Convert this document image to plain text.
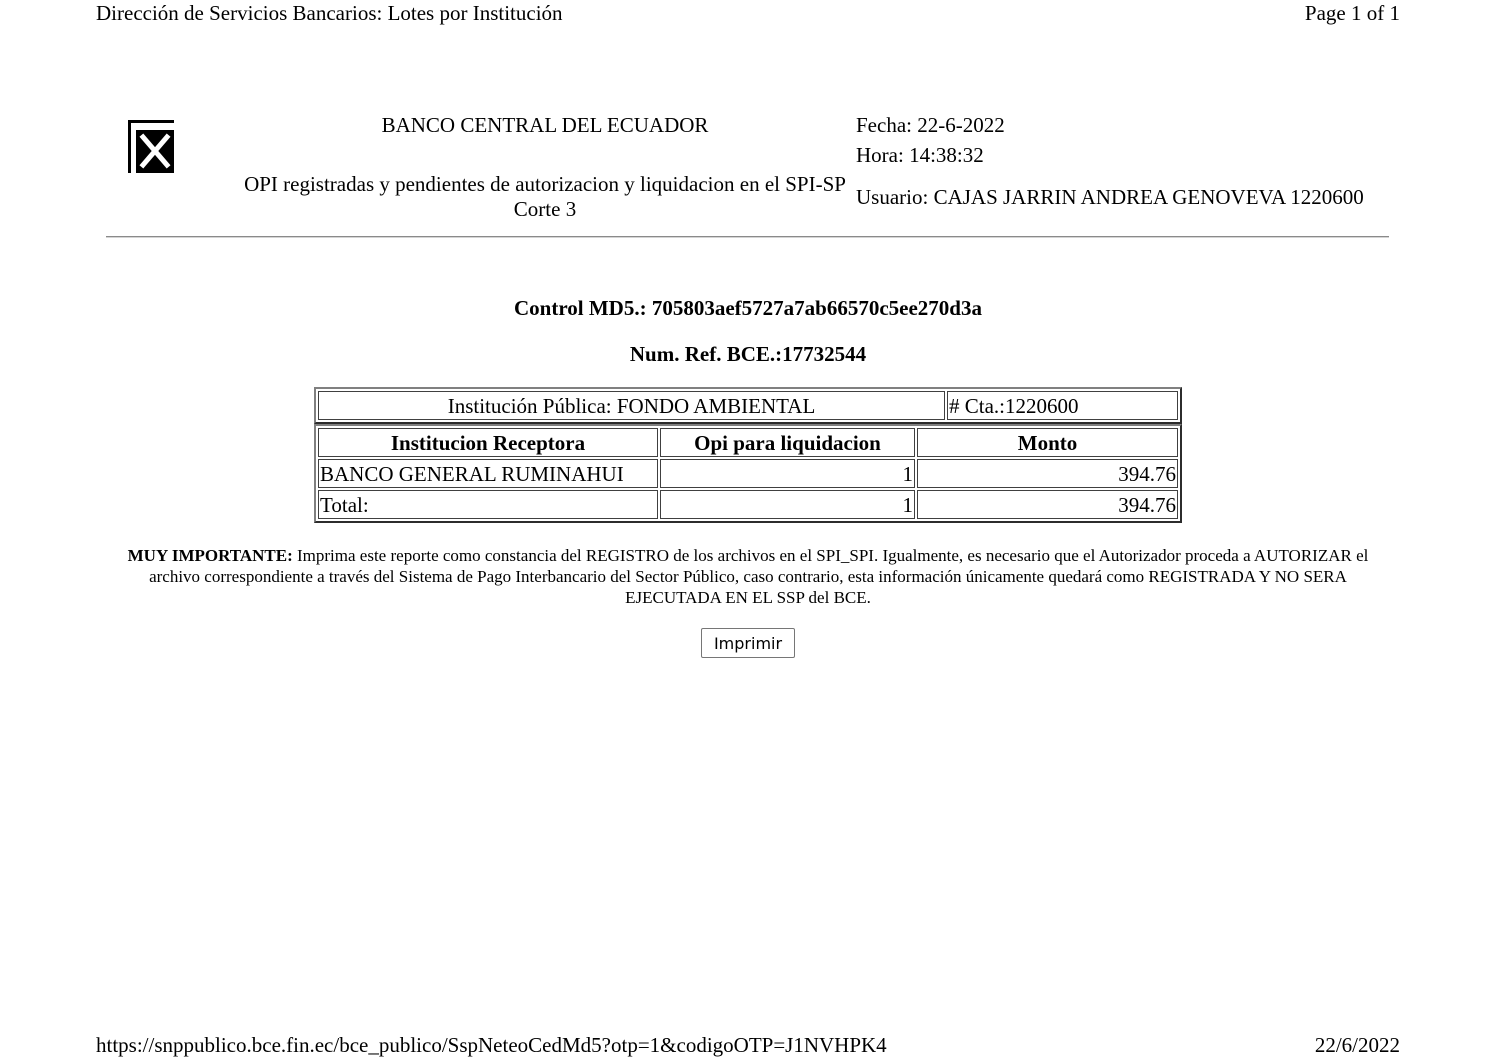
Dirección de Servicios Bancarios: Lotes por Institución	Page 1 of 1
BANCO CENTRAL DEL ECUADOR
OPI registradas y pendientes de autorizacion y liquidacion en el SPI-SP
Corte 3
Fecha: 22-6-2022
Hora: 14:38:32
Usuario: CAJAS JARRIN ANDREA GENOVEVA 1220600
Control MD5.: 705803aef5727a7ab66570c5ee270d3a
Num. Ref. BCE.:17732544
Institución Pública: FONDO AMBIENTAL	# Cta.:1220600
Institucion Receptora	Opi para liquidacion	Monto
BANCO GENERAL RUMINAHUI	1	394.76
Total:	1	394.76
MUY IMPORTANTE: Imprima este reporte como constancia del REGISTRO de los archivos en el SPI_SPI. Igualmente, es necesario que el Autorizador proceda a AUTORIZAR el archivo correspondiente a través del Sistema de Pago Interbancario del Sector Público, caso contrario, esta información únicamente quedará como REGISTRADA Y NO SERA EJECUTADA EN EL SSP del BCE.
Imprimir
https://snppublico.bce.fin.ec/bce_publico/SspNeteoCedMd5?otp=1&codigoOTP=J1NVHPK4	22/6/2022
